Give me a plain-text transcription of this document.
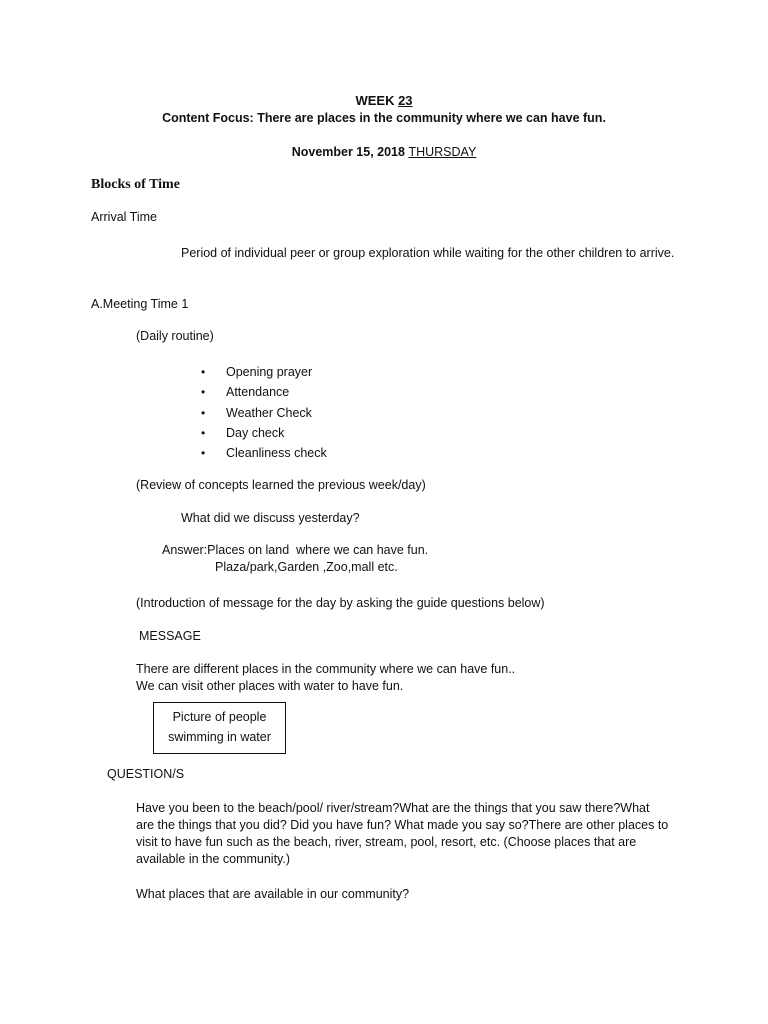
WEEK 23
Content Focus: There are places in the community where we can have fun.
November 15, 2018 THURSDAY
Blocks of Time
Arrival Time
Period of individual peer or group exploration while waiting for the other children to arrive.
A.Meeting Time 1
(Daily routine)
• Opening prayer
• Attendance
• Weather Check
• Day check
• Cleanliness check
(Review of concepts learned the previous week/day)
What did we discuss yesterday?
Answer:Places on land  where we can have fun.
Plaza/park,Garden ,Zoo,mall etc.
(Introduction of message for the day by asking the guide questions below)
MESSAGE
There are different places in the community where we can have fun..
We can visit other places with water to have fun.
Picture of people
swimming in water
QUESTION/S
Have you been to the beach/pool/ river/stream?What are the things that you saw there?What
are the things that you did? Did you have fun? What made you say so?There are other places to
visit to have fun such as the beach, river, stream, pool, resort, etc. (Choose places that are
available in the community.)
What places that are available in our community?
